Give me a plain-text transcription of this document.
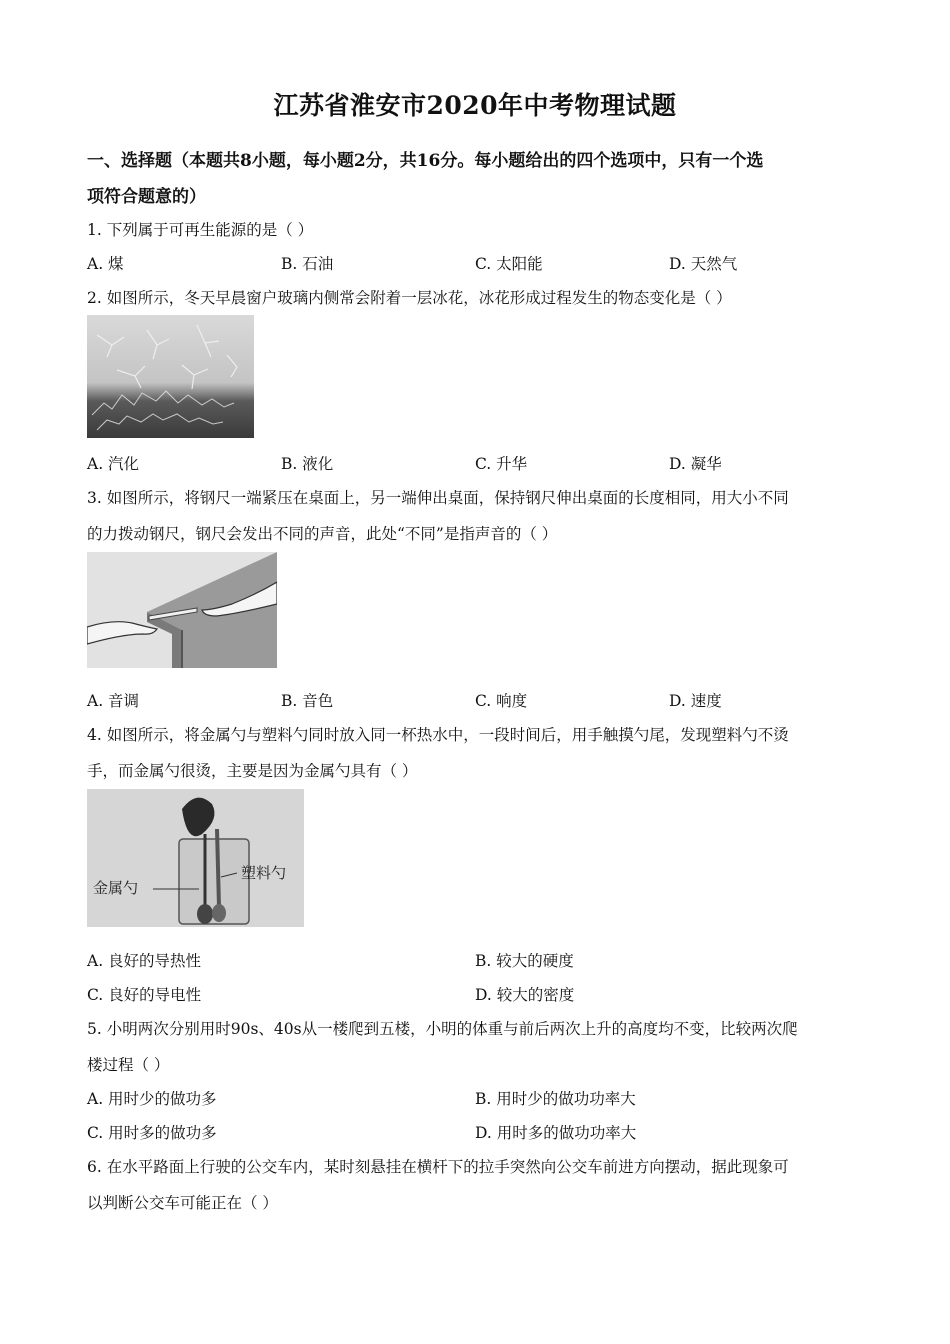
江苏省淮安市2020年中考物理试题
一、选择题（本题共8小题，每小题2分，共16分。每小题给出的四个选项中，只有一个选
项符合题意的）
1. 下列属于可再生能源的是（ ）
A. 煤	B. 石油	C. 太阳能	D. 天然气
2. 如图所示，冬天早晨窗户玻璃内侧常会附着一层冰花，冰花形成过程发生的物态变化是（ ）
A. 汽化	B. 液化	C. 升华	D. 凝华
3. 如图所示，将钢尺一端紧压在桌面上，另一端伸出桌面，保持钢尺伸出桌面的长度相同，用大小不同
的力拨动钢尺，钢尺会发出不同的声音，此处“不同”是指声音的（ ）
A. 音调	B. 音色	C. 响度	D. 速度
4. 如图所示，将金属勺与塑料勺同时放入同一杯热水中，一段时间后，用手触摸勺尾，发现塑料勺不烫
手，而金属勺很烫，主要是因为金属勺具有（ ）
金属勺
塑料勺
A. 良好的导热性	B. 较大的硬度
C. 良好的导电性	D. 较大的密度
5. 小明两次分别用时90s、40s从一楼爬到五楼，小明的体重与前后两次上升的高度均不变，比较两次爬
楼过程（ ）
A. 用时少的做功多	B. 用时少的做功功率大
C. 用时多的做功多	D. 用时多的做功功率大
6. 在水平路面上行驶的公交车内，某时刻悬挂在横杆下的拉手突然向公交车前进方向摆动，据此现象可
以判断公交车可能正在（ ）
